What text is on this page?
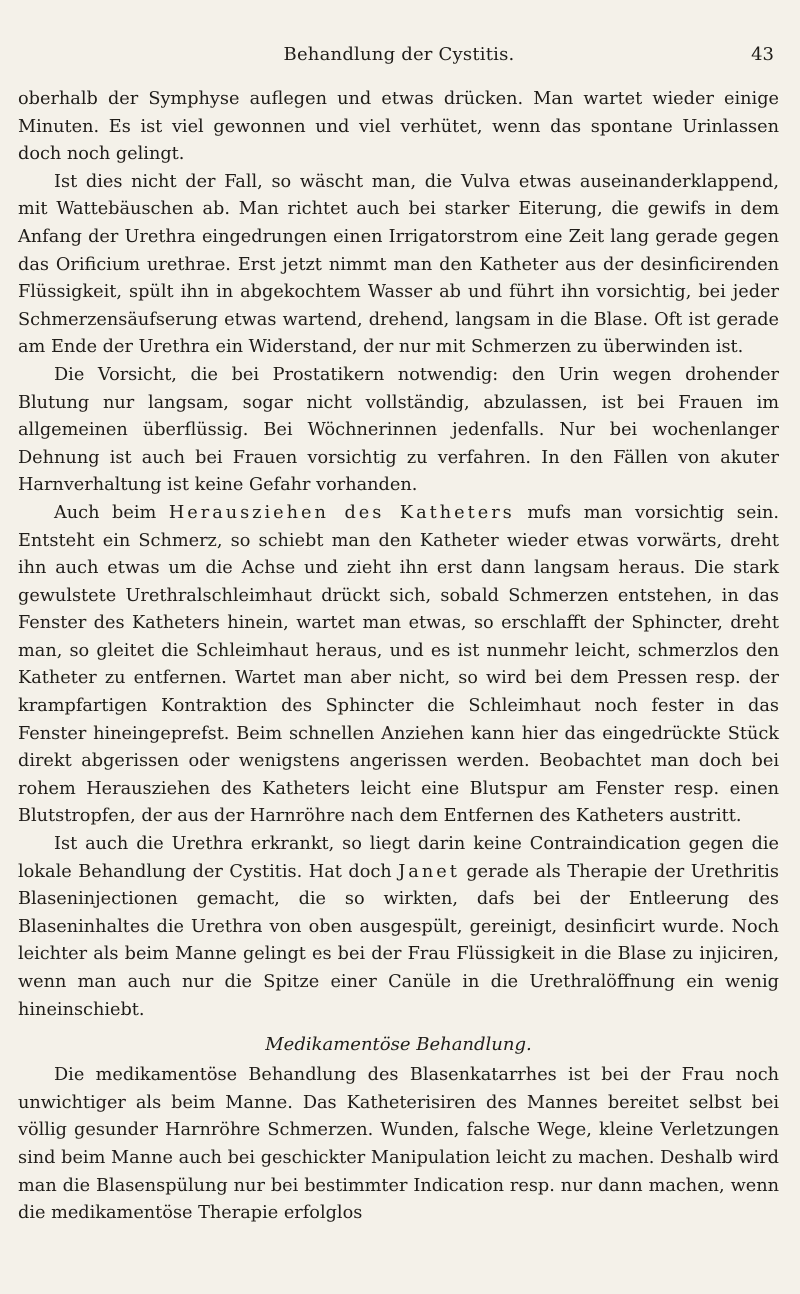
Behandlung der Cystitis.	43

oberhalb der Symphyse auflegen und etwas drücken. Man wartet wieder einige Minuten. Es ist viel gewonnen und viel verhütet, wenn das spontane Urinlassen doch noch gelingt.

Ist dies nicht der Fall, so wäscht man, die Vulva etwas auseinanderklappend, mit Wattebäuschen ab. Man richtet auch bei starker Eiterung, die gewifs in dem Anfang der Urethra eingedrungen einen Irrigatorstrom eine Zeit lang gerade gegen das Orificium urethrae. Erst jetzt nimmt man den Katheter aus der desinficirenden Flüssigkeit, spült ihn in abgekochtem Wasser ab und führt ihn vorsichtig, bei jeder Schmerzensäufserung etwas wartend, drehend, langsam in die Blase. Oft ist gerade am Ende der Urethra ein Widerstand, der nur mit Schmerzen zu überwinden ist.

Die Vorsicht, die bei Prostatikern notwendig: den Urin wegen drohender Blutung nur langsam, sogar nicht vollständig, abzulassen, ist bei Frauen im allgemeinen überflüssig. Bei Wöchnerinnen jedenfalls. Nur bei wochenlanger Dehnung ist auch bei Frauen vorsichtig zu verfahren. In den Fällen von akuter Harnverhaltung ist keine Gefahr vorhanden.

Auch beim Herausziehen des Katheters mufs man vorsichtig sein. Entsteht ein Schmerz, so schiebt man den Katheter wieder etwas vorwärts, dreht ihn auch etwas um die Achse und zieht ihn erst dann langsam heraus. Die stark gewulstete Urethralschleimhaut drückt sich, sobald Schmerzen entstehen, in das Fenster des Katheters hinein, wartet man etwas, so erschlafft der Sphincter, dreht man, so gleitet die Schleimhaut heraus, und es ist nunmehr leicht, schmerzlos den Katheter zu entfernen. Wartet man aber nicht, so wird bei dem Pressen resp. der krampfartigen Kontraktion des Sphincter die Schleimhaut noch fester in das Fenster hineingeprefst. Beim schnellen Anziehen kann hier das eingedrückte Stück direkt abgerissen oder wenigstens angerissen werden. Beobachtet man doch bei rohem Herausziehen des Katheters leicht eine Blutspur am Fenster resp. einen Blutstropfen, der aus der Harnröhre nach dem Entfernen des Katheters austritt.

Ist auch die Urethra erkrankt, so liegt darin keine Contraindication gegen die lokale Behandlung der Cystitis. Hat doch Janet gerade als Therapie der Urethritis Blaseninjectionen gemacht, die so wirkten, dafs bei der Entleerung des Blaseninhaltes die Urethra von oben ausgespült, gereinigt, desinficirt wurde. Noch leichter als beim Manne gelingt es bei der Frau Flüssigkeit in die Blase zu injiciren, wenn man auch nur die Spitze einer Canüle in die Urethralöffnung ein wenig hineinschiebt.

Medikamentöse Behandlung.

Die medikamentöse Behandlung des Blasenkatarrhes ist bei der Frau noch unwichtiger als beim Manne. Das Katheterisiren des Mannes bereitet selbst bei völlig gesunder Harnröhre Schmerzen. Wunden, falsche Wege, kleine Verletzungen sind beim Manne auch bei geschickter Manipulation leicht zu machen. Deshalb wird man die Blasenspülung nur bei bestimmter Indication resp. nur dann machen, wenn die medikamentöse Therapie erfolglos
